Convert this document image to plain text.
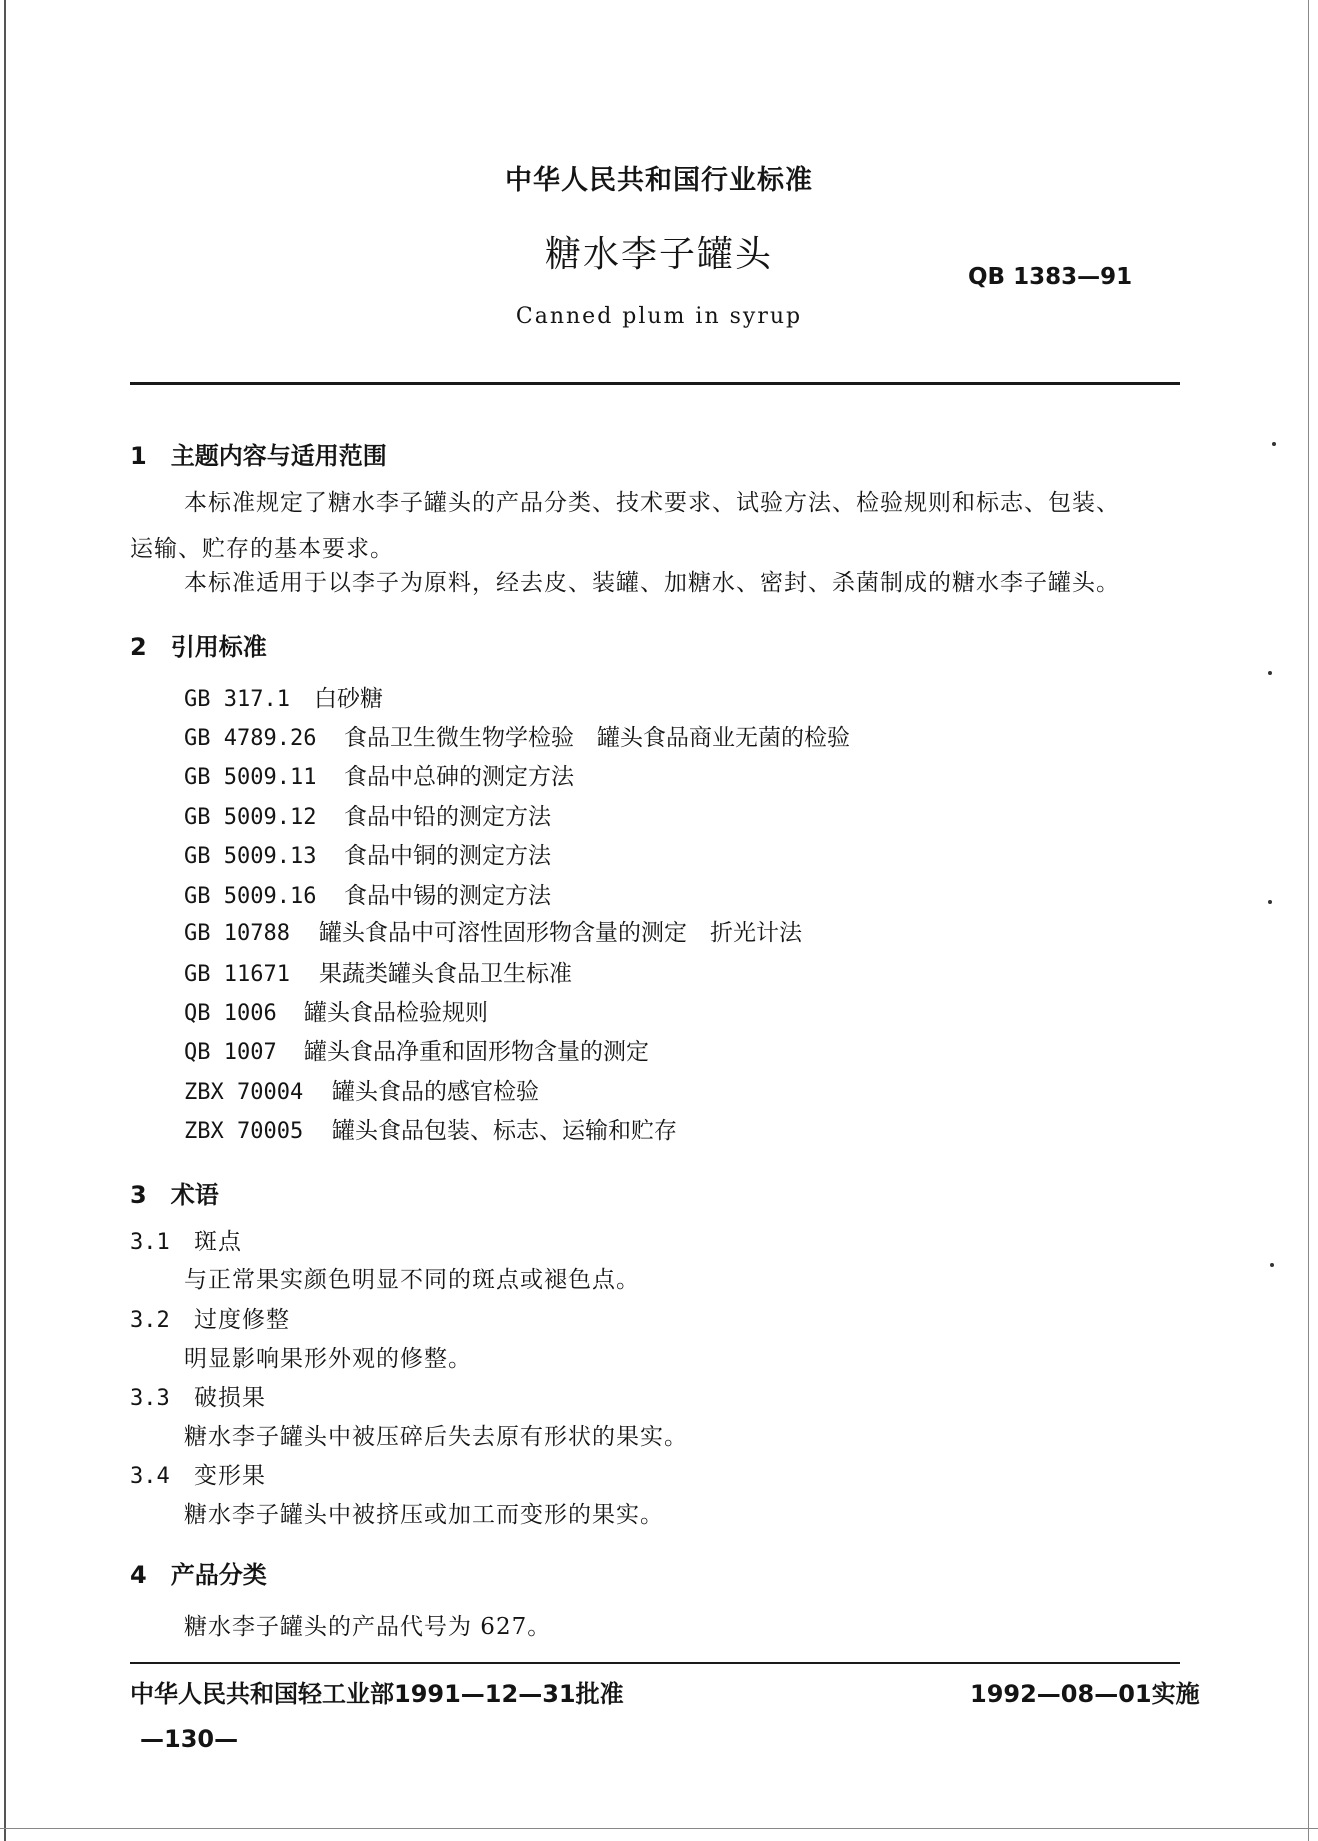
中华人民共和国行业标准
糖水李子罐头
QB 1383—91
Canned plum in syrup
1　主题内容与适用范围
本标准规定了糖水李子罐头的产品分类、技术要求、试验方法、检验规则和标志、包装、
运输、贮存的基本要求。
本标准适用于以李子为原料，经去皮、装罐、加糖水、密封、杀菌制成的糖水李子罐头。
2　引用标准
GB 317.1 白砂糖
GB 4789.26 食品卫生微生物学检验　罐头食品商业无菌的检验
GB 5009.11 食品中总砷的测定方法
GB 5009.12 食品中铅的测定方法
GB 5009.13 食品中铜的测定方法
GB 5009.16 食品中锡的测定方法
GB 10788 罐头食品中可溶性固形物含量的测定　折光计法
GB 11671 果蔬类罐头食品卫生标准
QB 1006 罐头食品检验规则
QB 1007 罐头食品净重和固形物含量的测定
ZBX 70004 罐头食品的感官检验
ZBX 70005 罐头食品包装、标志、运输和贮存
3　术语
3.1 斑点
与正常果实颜色明显不同的斑点或褪色点。
3.2 过度修整
明显影响果形外观的修整。
3.3 破损果
糖水李子罐头中被压碎后失去原有形状的果实。
3.4 变形果
糖水李子罐头中被挤压或加工而变形的果实。
4　产品分类
糖水李子罐头的产品代号为 627。
中华人民共和国轻工业部1991—12—31批准	1992—08—01实施
—130—
